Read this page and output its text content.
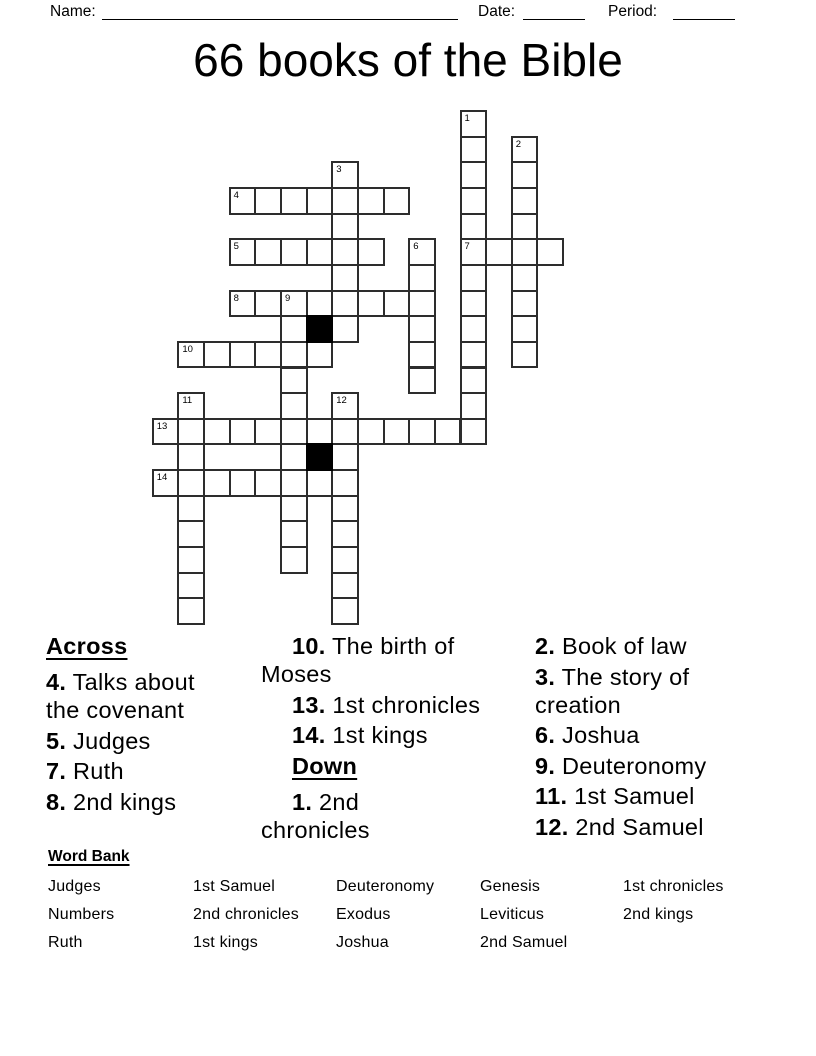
Name:	Date:	Period:
66 books of the Bible
1
7
2
3
4
5	6
8	9
10
11	12
13
14
Across
4. Talks about
the covenant
5. Judges
7. Ruth
8. 2nd kings
10. The birth of
Moses
13. 1st chronicles
14. 1st kings
Down
1. 2nd
chronicles
2. Book of law
3. The story of
creation
6. Joshua
9. Deuteronomy
11. 1st Samuel
12. 2nd Samuel
Word Bank
Judges	1st Samuel	Deuteronomy	Genesis	1st chronicles
Numbers	2nd chronicles	Exodus	Leviticus	2nd kings
Ruth	1st kings	Joshua	2nd Samuel
